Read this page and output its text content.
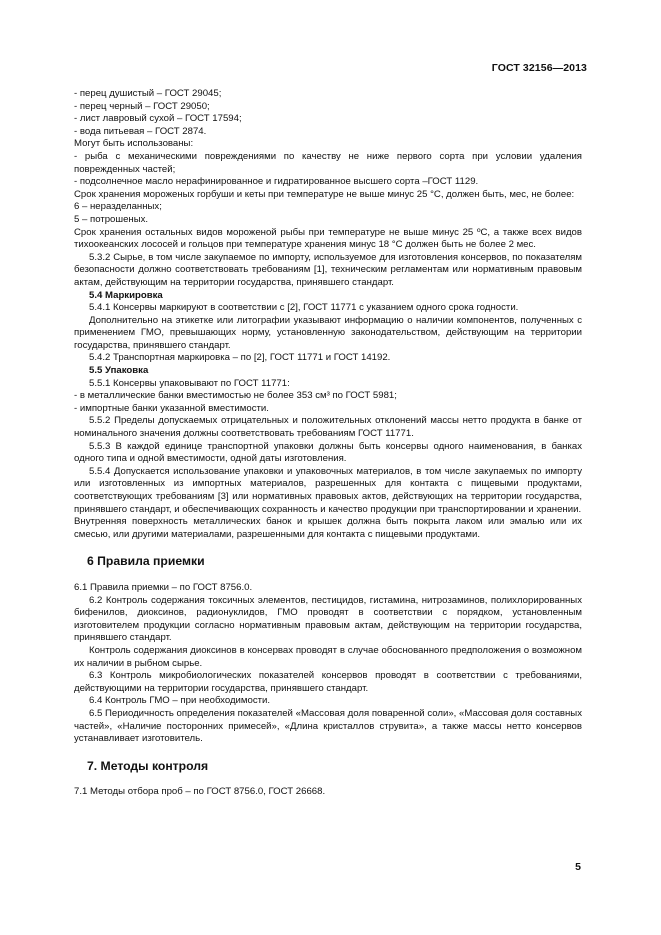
ГОСТ 32156—2013

- перец душистый – ГОСТ 29045;

- перец черный – ГОСТ 29050;

- лист лавровый сухой – ГОСТ 17594;

- вода питьевая – ГОСТ 2874.

Могут быть использованы:

- рыба с механическими повреждениями по качеству не ниже первого сорта при условии удаления поврежденных частей;

- подсолнечное масло нерафинированное и гидратированное высшего сорта –ГОСТ 1129.

Срок хранения мороженых горбуши и кеты при температуре не выше минус 25 °С, должен быть, мес, не более:

6 – неразделанных;

5 – потрошеных.

Срок хранения остальных видов мороженой рыбы при температуре не выше минус 25 ºС, а также всех видов тихоокеанских лососей и гольцов при температуре хранения минус 18 °С должен быть не более 2 мес.

5.3.2 Сырье, в том числе закупаемое по импорту, используемое для изготовления консервов, по показателям безопасности должно соответствовать требованиям [1], техническим регламентам или нормативным правовым актам, действующим на территории государства, принявшего стандарт.

5.4 Маркировка

5.4.1 Консервы маркируют в соответствии с [2], ГОСТ 11771 с указанием одного срока годности.

Дополнительно на этикетке или литографии указывают информацию о наличии компонентов, полученных с применением ГМО, превышающих норму, установленную законодательством, действующим на территории государства, принявшего стандарт.

5.4.2 Транспортная маркировка – по [2], ГОСТ 11771 и ГОСТ 14192.

5.5 Упаковка

5.5.1 Консервы упаковывают по ГОСТ 11771:

- в металлические банки вместимостью не более 353 см³ по ГОСТ 5981;

- импортные банки указанной вместимости.

5.5.2 Пределы допускаемых отрицательных и положительных отклонений массы нетто продукта в банке от номинального значения должны соответствовать требованиям ГОСТ 11771.

5.5.3 В каждой единице транспортной упаковки должны быть консервы одного наименования, в банках одного типа и одной вместимости, одной даты изготовления.

5.5.4 Допускается использование упаковки и упаковочных материалов, в том числе закупаемых по импорту или изготовленных из импортных материалов, разрешенных для контакта с пищевыми продуктами, соответствующих требованиям [3] или нормативных правовых актов, действующих на территории государства, принявшего стандарт, и обеспечивающих сохранность и качество продукции при транспортировании и хранении.

Внутренняя поверхность металлических банок и крышек должна быть покрыта лаком или эмалью или их смесью, или другими материалами, разрешенными для контакта с пищевыми продуктами.

6 Правила приемки

6.1 Правила приемки – по ГОСТ 8756.0.

6.2 Контроль содержания токсичных элементов, пестицидов, гистамина, нитрозаминов, полихлорированных бифенилов, диоксинов, радионуклидов, ГМО проводят в соответствии с порядком, установленным изготовителем продукции согласно нормативным правовым актам, действующим на территории государства, принявшего стандарт.

Контроль содержания диоксинов в консервах проводят в случае обоснованного предположения о возможном их наличии в рыбном сырье.

6.3 Контроль микробиологических показателей консервов проводят в соответствии с требованиями, действующими на территории государства, принявшего стандарт.

6.4 Контроль ГМО – при необходимости.

6.5 Периодичность определения показателей «Массовая доля поваренной соли», «Массовая доля составных частей», «Наличие посторонних примесей», «Длина кристаллов струвита», а также массы нетто консервов устанавливает изготовитель.

7. Методы контроля

7.1 Методы отбора проб – по ГОСТ 8756.0, ГОСТ 26668.

5
